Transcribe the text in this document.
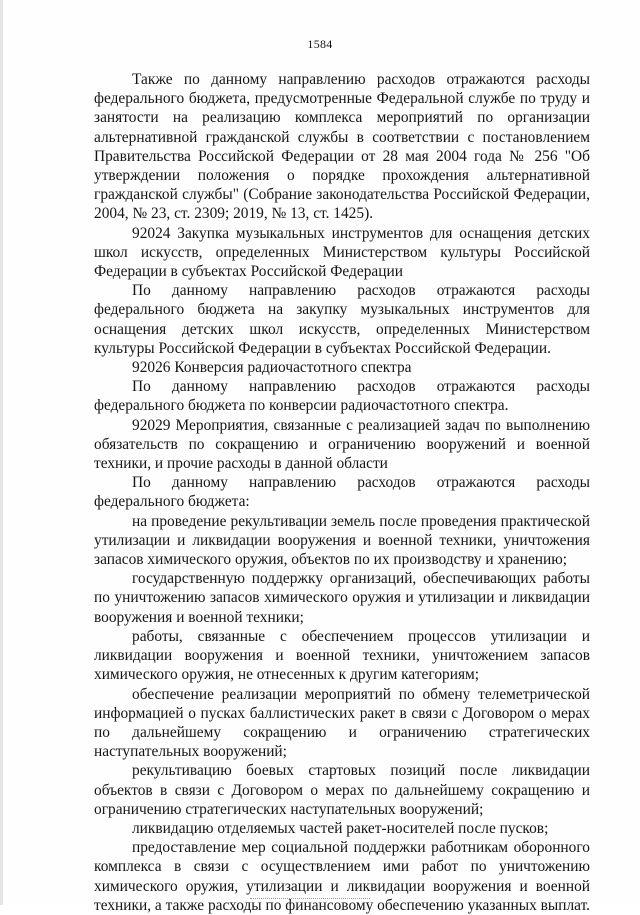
1584

Также по данному направлению расходов отражаются расходы федерального бюджета, предусмотренные Федеральной службе по труду и занятости на реализацию комплекса мероприятий по организации альтернативной гражданской службы в соответствии с постановлением Правительства Российской Федерации от 28 мая 2004 года № 256 "Об утверждении положения о порядке прохождения альтернативной гражданской службы" (Собрание законодательства Российской Федерации, 2004, № 23, ст. 2309; 2019, № 13, ст. 1425).

92024 Закупка музыкальных инструментов для оснащения детских школ искусств, определенных Министерством культуры Российской Федерации в субъектах Российской Федерации

По данному направлению расходов отражаются расходы федерального бюджета на закупку музыкальных инструментов для оснащения детских школ искусств, определенных Министерством культуры Российской Федерации в субъектах Российской Федерации.

92026 Конверсия радиочастотного спектра

По данному направлению расходов отражаются расходы федерального бюджета по конверсии радиочастотного спектра.

92029 Мероприятия, связанные с реализацией задач по выполнению обязательств по сокращению и ограничению вооружений и военной техники, и прочие расходы в данной области

По данному направлению расходов отражаются расходы федерального бюджета:

на проведение рекультивации земель после проведения практической утилизации и ликвидации вооружения и военной техники, уничтожения запасов химического оружия, объектов по их производству и хранению;

государственную поддержку организаций, обеспечивающих работы по уничтожению запасов химического оружия и утилизации и ликвидации вооружения и военной техники;

работы, связанные с обеспечением процессов утилизации и ликвидации вооружения и военной техники, уничтожением запасов химического оружия, не отнесенных к другим категориям;

обеспечение реализации мероприятий по обмену телеметрической информацией о пусках баллистических ракет в связи с Договором о мерах по дальнейшему сокращению и ограничению стратегических наступательных вооружений;

рекультивацию боевых стартовых позиций после ликвидации объектов в связи с Договором о мерах по дальнейшему сокращению и ограничению стратегических наступательных вооружений;

ликвидацию отделяемых частей ракет-носителей после пусков;

предоставление мер социальной поддержки работникам оборонного комплекса в связи с осуществлением ими работ по уничтожению химического оружия, утилизации и ликвидации вооружения и военной техники, а также расходы по финансовому обеспечению указанных выплат.
